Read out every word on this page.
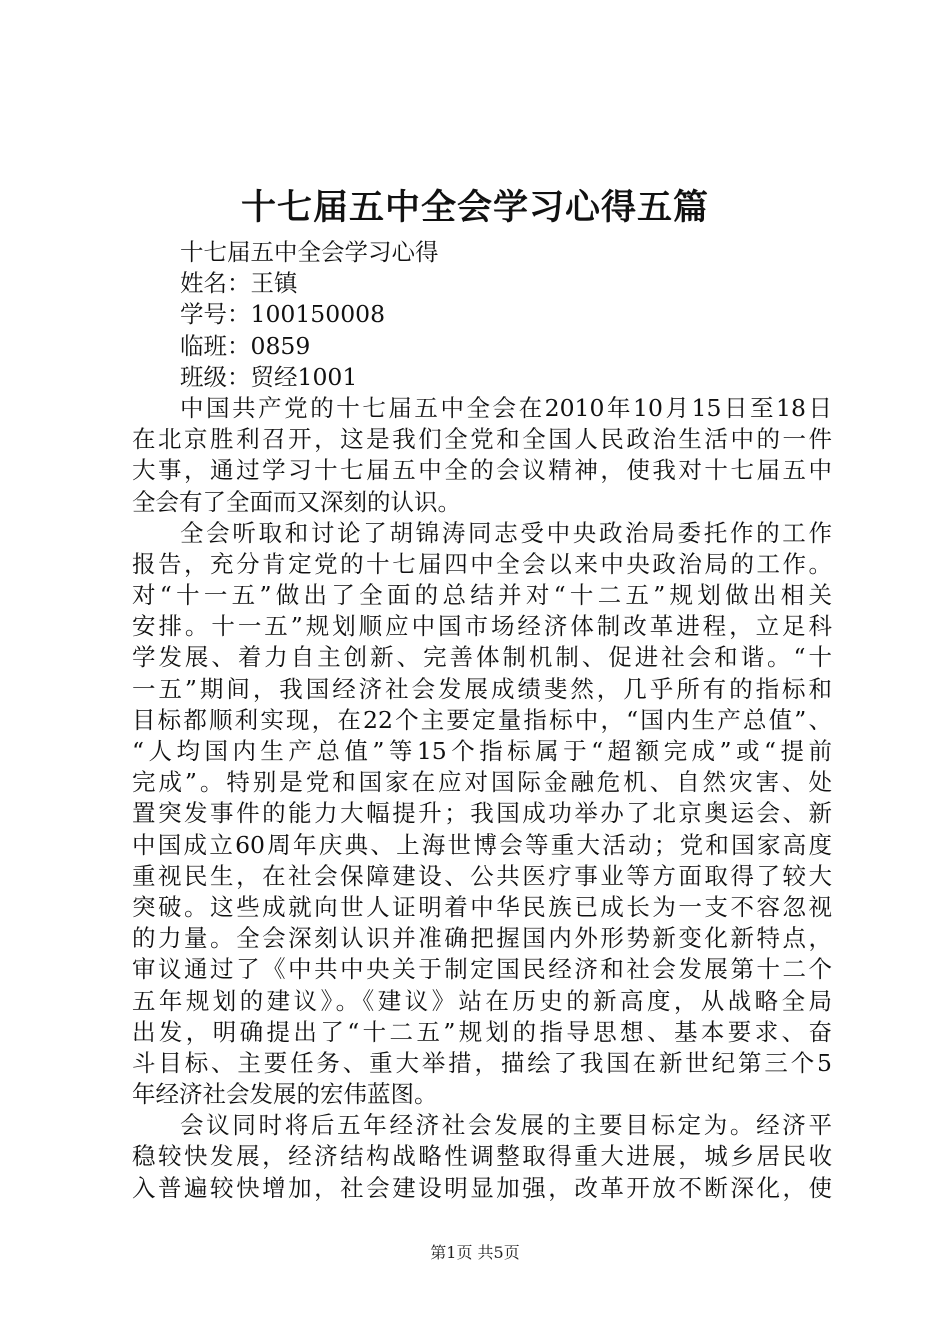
十七届五中全会学习心得五篇
十七届五中全会学习心得
姓名：王镇
学号：100150008
临班：0859
班级：贸经1001
中国共产党的十七届五中全会在2010年10月15日至18日
在北京胜利召开，这是我们全党和全国人民政治生活中的一件
大事，通过学习十七届五中全的会议精神，使我对十七届五中
全会有了全面而又深刻的认识。
全会听取和讨论了胡锦涛同志受中央政治局委托作的工作
报告，充分肯定党的十七届四中全会以来中央政治局的工作。
对“十一五”做出了全面的总结并对“十二五”规划做出相关
安排。十一五”规划顺应中国市场经济体制改革进程，立足科
学发展、着力自主创新、完善体制机制、促进社会和谐。“十
一五”期间，我国经济社会发展成绩斐然，几乎所有的指标和
目标都顺利实现，在22个主要定量指标中，“国内生产总值”、
“人均国内生产总值”等15个指标属于“超额完成”或“提前
完成”。特别是党和国家在应对国际金融危机、自然灾害、处
置突发事件的能力大幅提升；我国成功举办了北京奥运会、新
中国成立60周年庆典、上海世博会等重大活动；党和国家高度
重视民生，在社会保障建设、公共医疗事业等方面取得了较大
突破。这些成就向世人证明着中华民族已成长为一支不容忽视
的力量。全会深刻认识并准确把握国内外形势新变化新特点，
审议通过了《中共中央关于制定国民经济和社会发展第十二个
五年规划的建议》。《建议》站在历史的新高度，从战略全局
出发，明确提出了“十二五”规划的指导思想、基本要求、奋
斗目标、主要任务、重大举措，描绘了我国在新世纪第三个5
年经济社会发展的宏伟蓝图。
会议同时将后五年经济社会发展的主要目标定为。经济平
稳较快发展，经济结构战略性调整取得重大进展，城乡居民收
入普遍较快增加，社会建设明显加强，改革开放不断深化，使
第1页 共5页
